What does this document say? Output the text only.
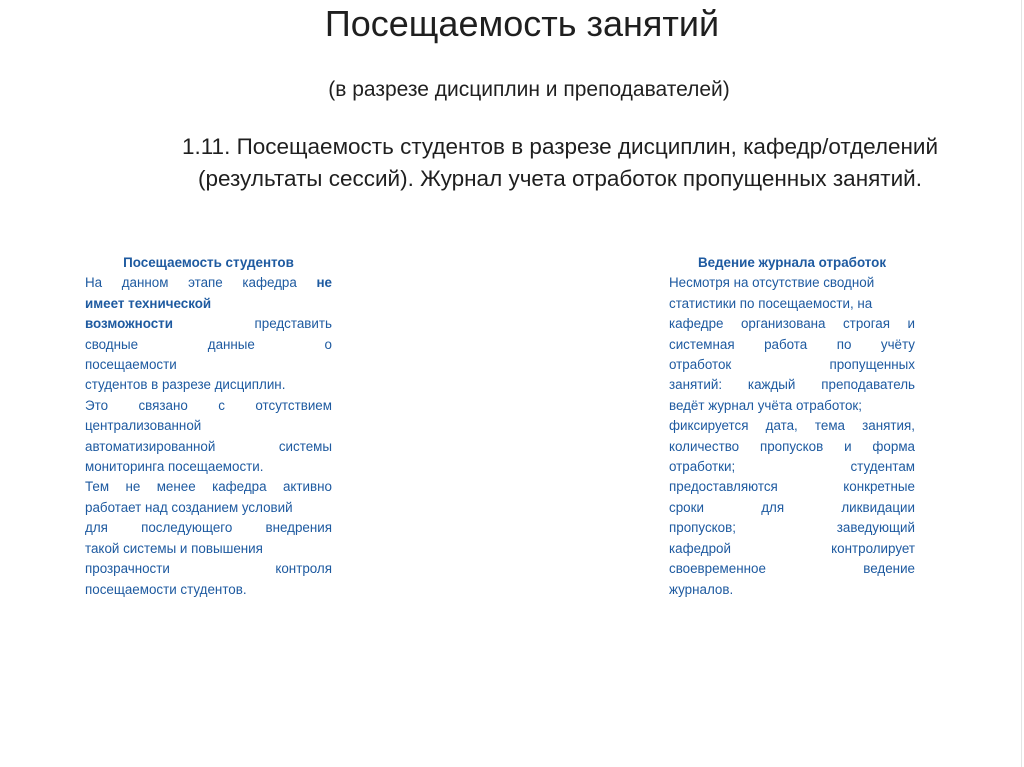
Посещаемость занятий
(в разрезе дисциплин и преподавателей)
1.11. Посещаемость студентов в разрезе дисциплин, кафедр/отделений
(результаты сессий). Журнал учета отработок пропущенных занятий.
Посещаемость студентов
На данном этапе кафедра не
имеет технической
возможности	представить
сводные	данные	о
посещаемости
студентов в разрезе дисциплин.
Это связано с отсутствием
централизованной
автоматизированной	системы
мониторинга посещаемости.
Тем не менее кафедра активно
работает над созданием условий
для последующего внедрения
такой системы и повышения
прозрачности	контроля
посещаемости студентов.
Ведение журнала отработок
Несмотря на отсутствие сводной
статистики по посещаемости, на
кафедре организована строгая и
системная работа по учёту
отработок	пропущенных
занятий: каждый преподаватель
ведёт журнал учёта отработок;
фиксируется дата, тема занятия,
количество пропусков и форма
отработки;	студентам
предоставляются	конкретные
сроки	для	ликвидации
пропусков;	заведующий
кафедрой	контролирует
своевременное	ведение
журналов.
